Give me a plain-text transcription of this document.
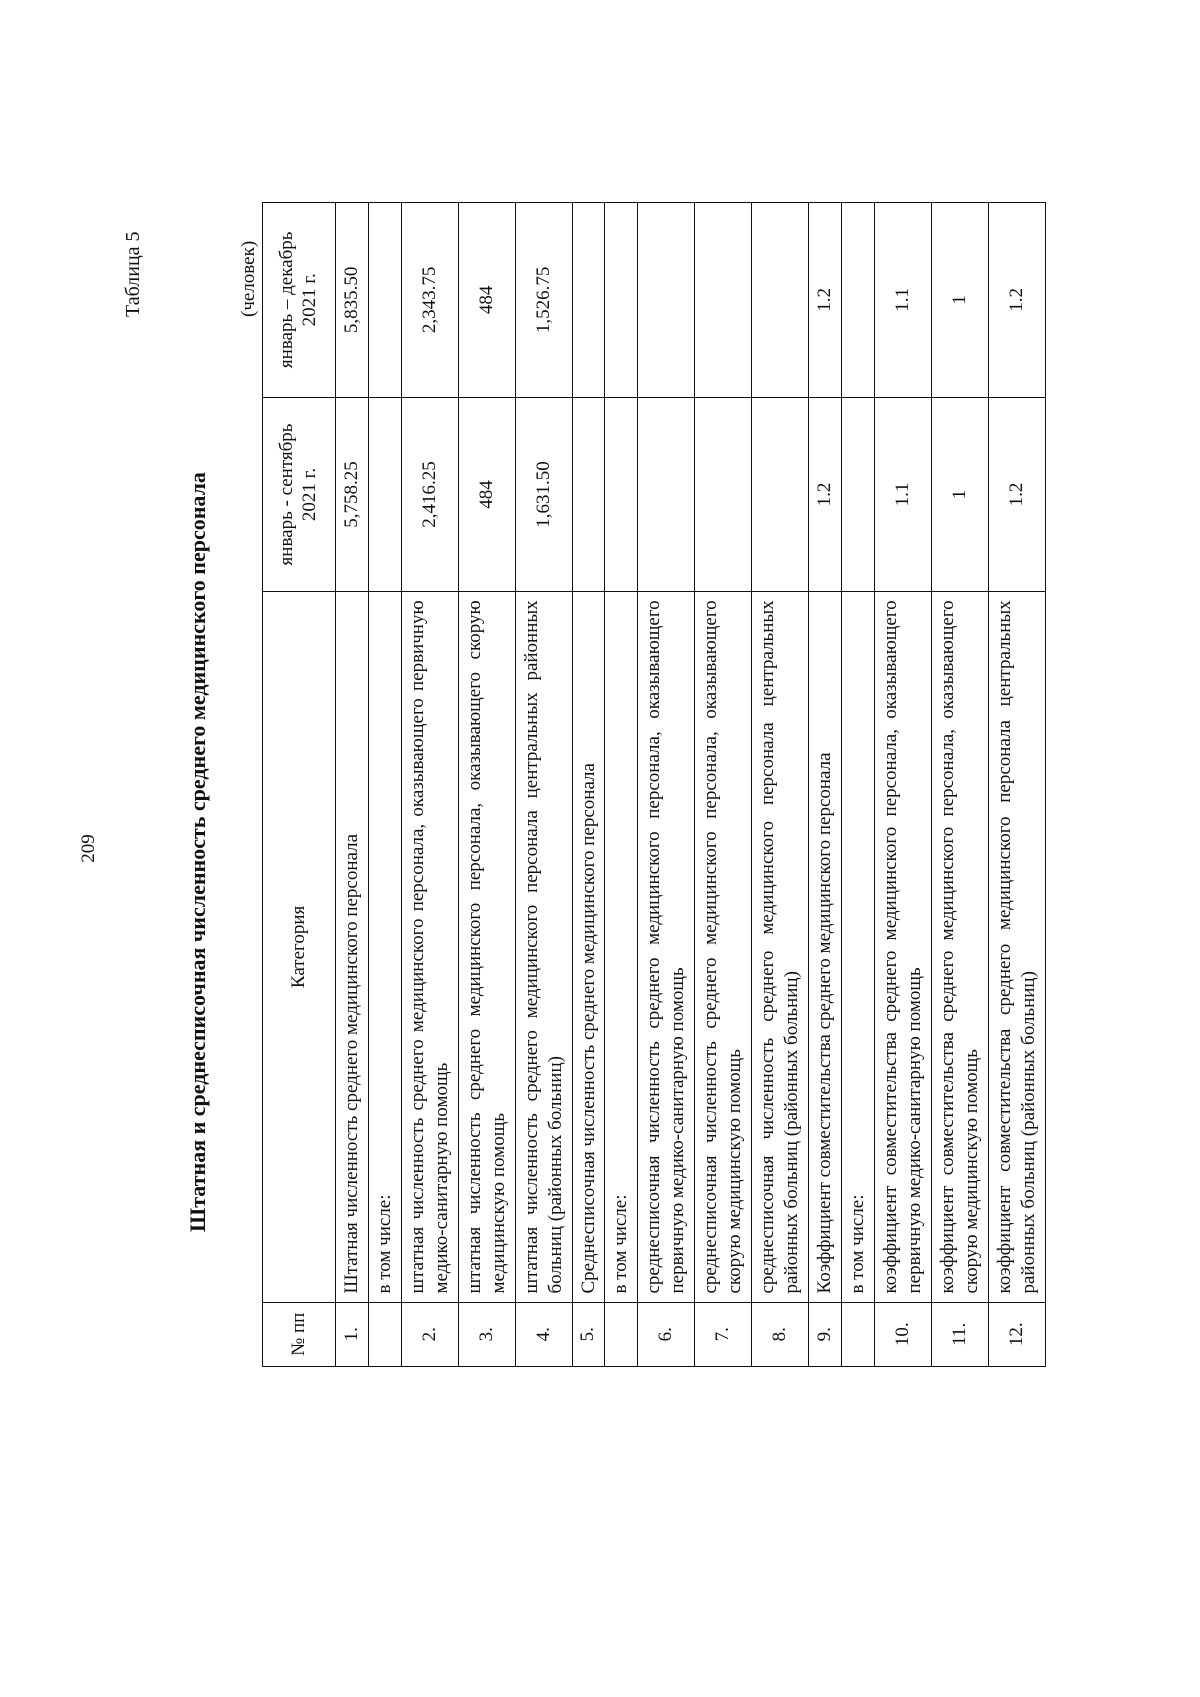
209
Таблица 5
Штатная и среднесписочная численность среднего медицинского персонала
(человек)
№ пп	Категория	январь - сентябрь 2021 г.	январь – декабрь 2021 г.
1.	Штатная численность среднего медицинского персонала	5,758.25	5,835.50
	в том числе:		
2.	штатная численность среднего медицинского персонала, оказывающего первичную медико-санитарную помощь	2,416.25	2,343.75
3.	штатная численность среднего медицинского персонала, оказывающего скорую медицинскую помощь	484	484
4.	штатная численность среднего медицинского персонала центральных районных больниц (районных больниц)	1,631.50	1,526.75
5.	Среднесписочная численность среднего медицинского персонала		
	в том числе:		
6.	среднесписочная численность среднего медицинского персонала, оказывающего первичную медико-санитарную помощь		
7.	среднесписочная численность среднего медицинского персонала, оказывающего скорую медицинскую помощь		
8.	среднесписочная численность среднего медицинского персонала центральных районных больниц (районных больниц)		
9.	Коэффициент совместительства среднего медицинского персонала	1.2	1.2
	в том числе:		
10.	коэффициент совместительства среднего медицинского персонала, оказывающего первичную медико-санитарную помощь	1.1	1.1
11.	коэффициент совместительства среднего медицинского персонала, оказывающего скорую медицинскую помощь	1	1
12.	коэффициент совместительства среднего медицинского персонала центральных районных больниц (районных больниц)	1.2	1.2
